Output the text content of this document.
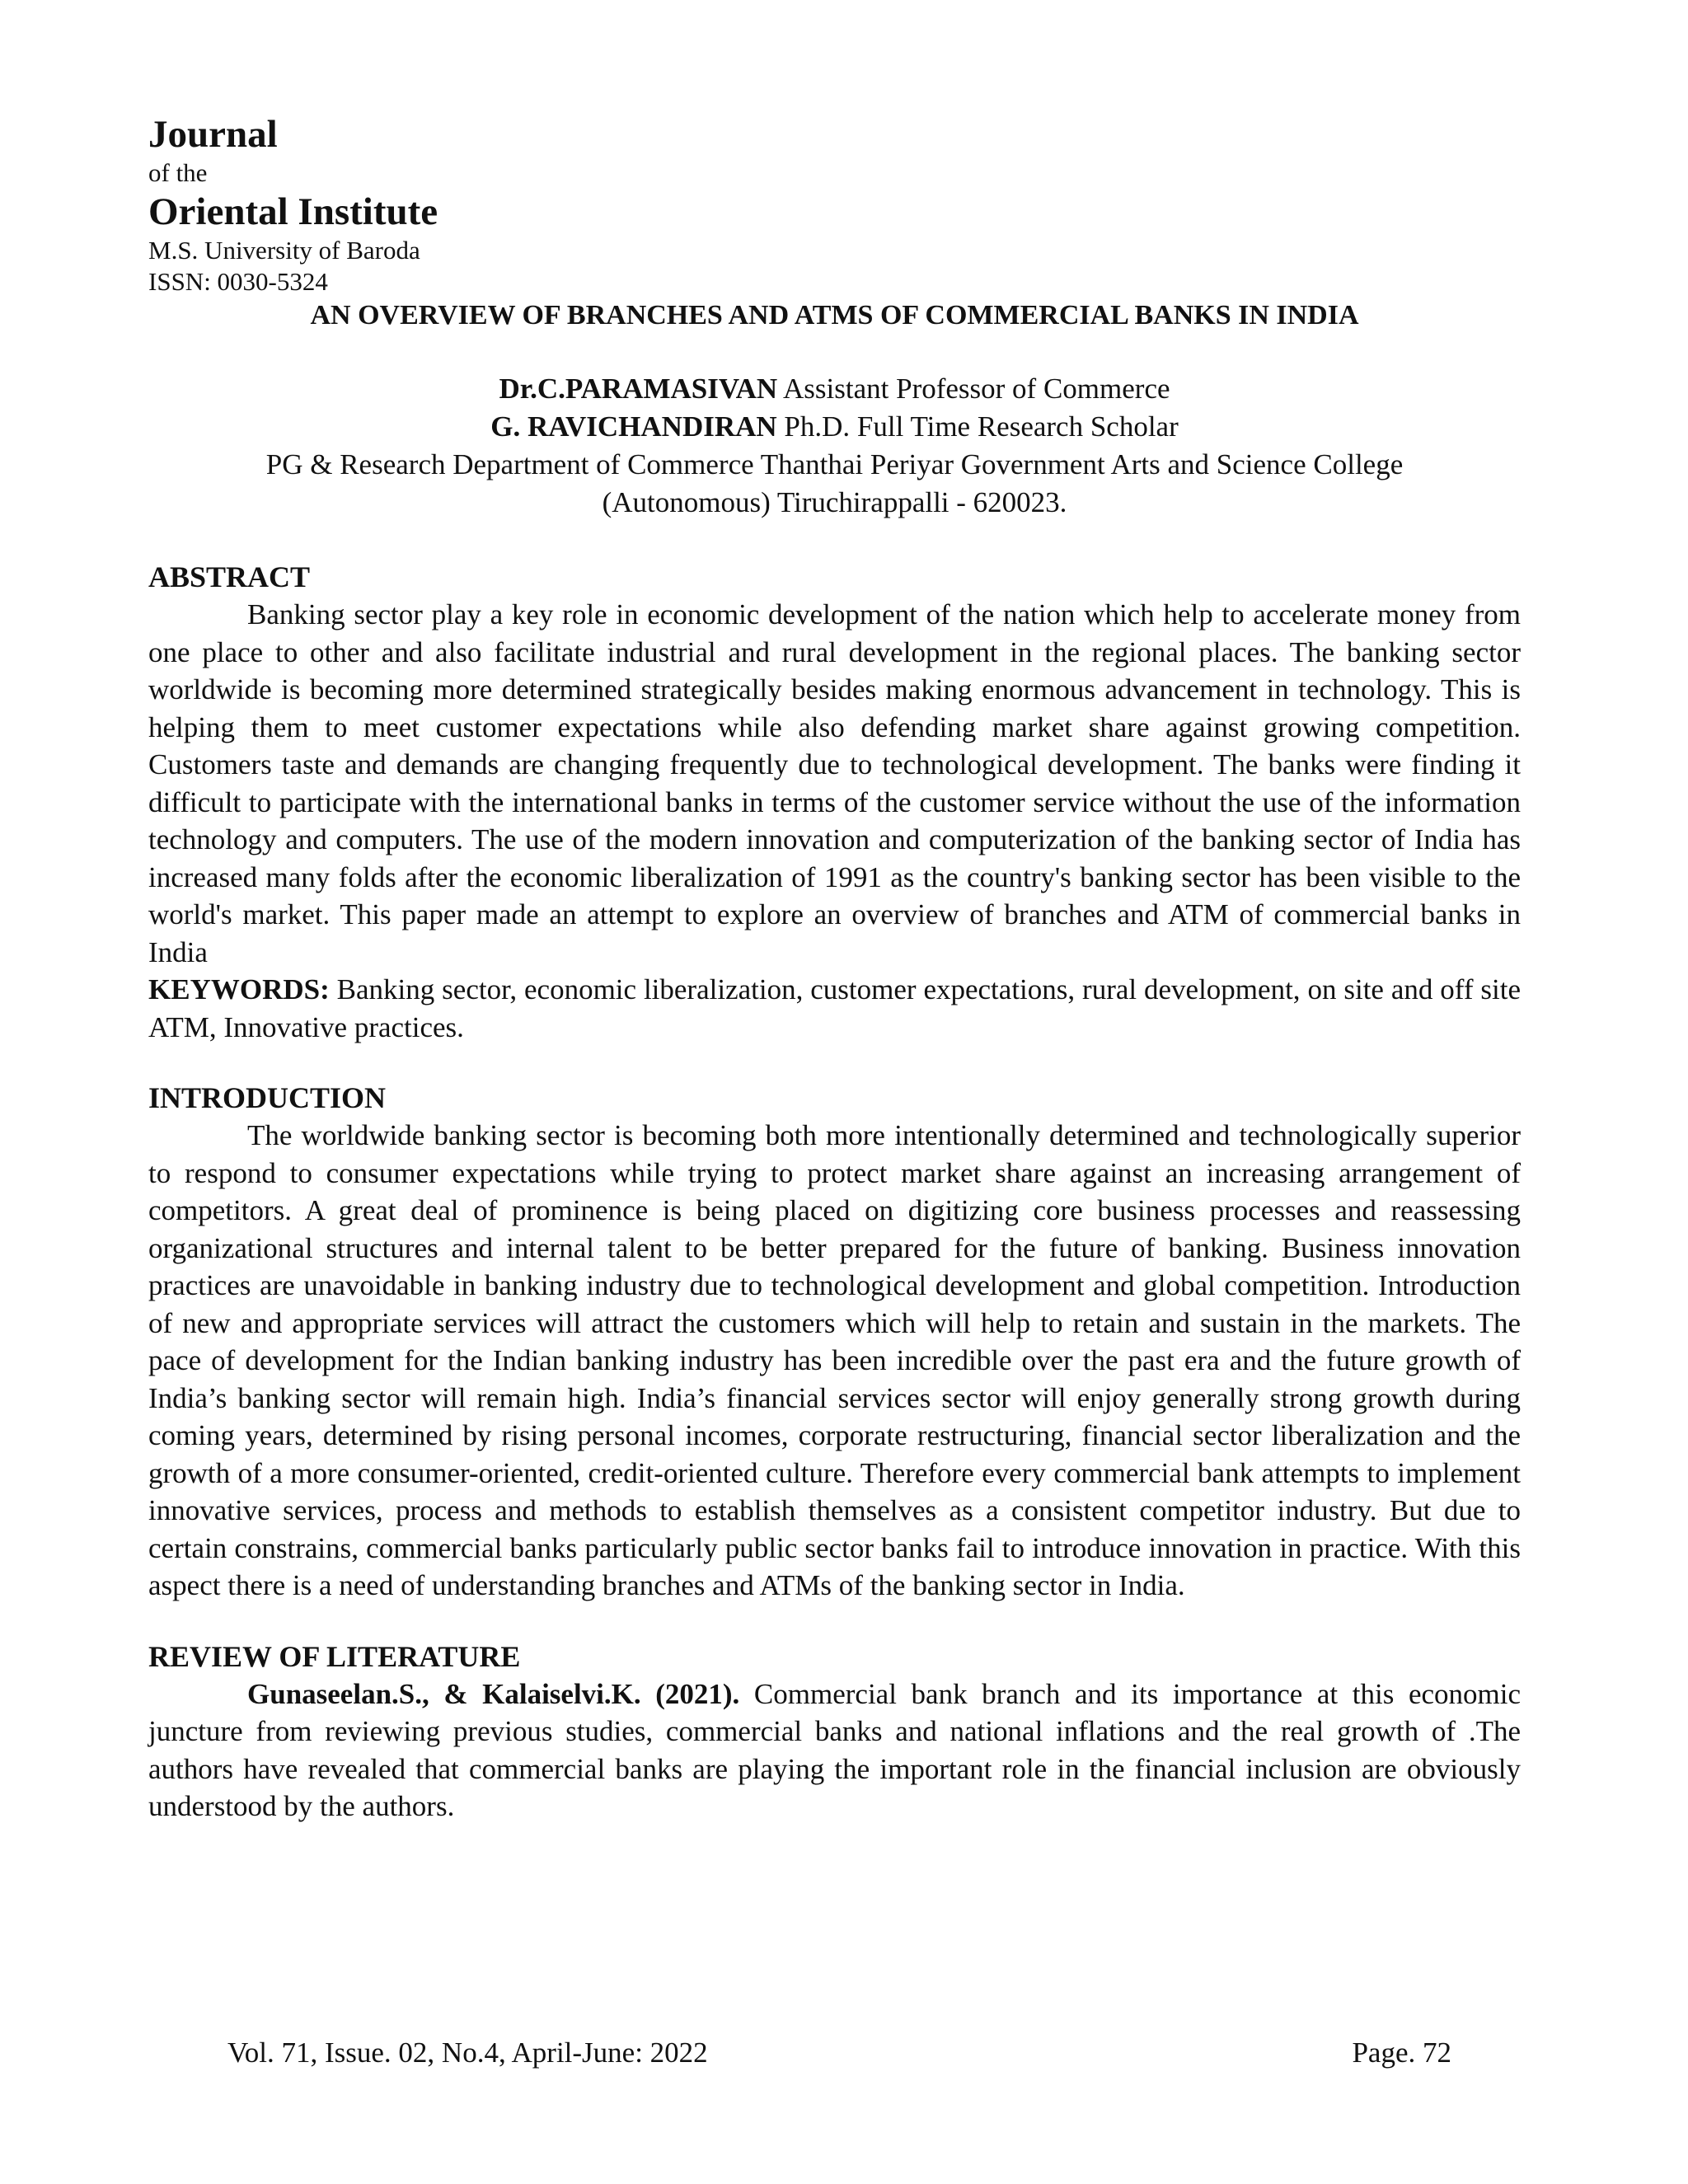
Journal
of the
Oriental Institute
M.S. University of Baroda
ISSN: 0030-5324
AN OVERVIEW OF BRANCHES AND ATMS OF COMMERCIAL BANKS IN INDIA
Dr.C.PARAMASIVAN Assistant Professor of Commerce
G. RAVICHANDIRAN Ph.D. Full Time Research Scholar
PG & Research Department of Commerce Thanthai Periyar Government Arts and Science College
(Autonomous) Tiruchirappalli - 620023.
ABSTRACT

Banking sector play a key role in economic development of the nation which help to accelerate money from one place to other and also facilitate industrial and rural development in the regional places. The banking sector worldwide is becoming more determined strategically besides making enormous advancement in technology. This is helping them to meet customer expectations while also defending market share against growing competition. Customers taste and demands are changing frequently due to technological development. The banks were finding it difficult to participate with the international banks in terms of the customer service without the use of the information technology and computers. The use of the modern innovation and computerization of the banking sector of India has increased many folds after the economic liberalization of 1991 as the country's banking sector has been visible to the world's market. This paper made an attempt to explore an overview of branches and ATM of commercial banks in India

KEYWORDS: Banking sector, economic liberalization, customer expectations, rural development, on site and off site ATM, Innovative practices.

INTRODUCTION

The worldwide banking sector is becoming both more intentionally determined and technologically superior to respond to consumer expectations while trying to protect market share against an increasing arrangement of competitors. A great deal of prominence is being placed on digitizing core business processes and reassessing organizational structures and internal talent to be better prepared for the future of banking. Business innovation practices are unavoidable in banking industry due to technological development and global competition. Introduction of new and appropriate services will attract the customers which will help to retain and sustain in the markets. The pace of development for the Indian banking industry has been incredible over the past era and the future growth of India’s banking sector will remain high. India’s financial services sector will enjoy generally strong growth during coming years, determined by rising personal incomes, corporate restructuring, financial sector liberalization and the growth of a more consumer-oriented, credit-oriented culture. Therefore every commercial bank attempts to implement innovative services, process and methods to establish themselves as a consistent competitor industry. But due to certain constrains, commercial banks particularly public sector banks fail to introduce innovation in practice. With this aspect there is a need of understanding branches and ATMs of the banking sector in India.

REVIEW OF LITERATURE

Gunaseelan.S., & Kalaiselvi.K. (2021). Commercial bank branch and its importance at this economic juncture from reviewing previous studies, commercial banks and national inflations and the real growth of .The authors have revealed that commercial banks are playing the important role in the financial inclusion are obviously understood by the authors.

Vol. 71, Issue. 02, No.4, April-June: 2022	Page. 72
